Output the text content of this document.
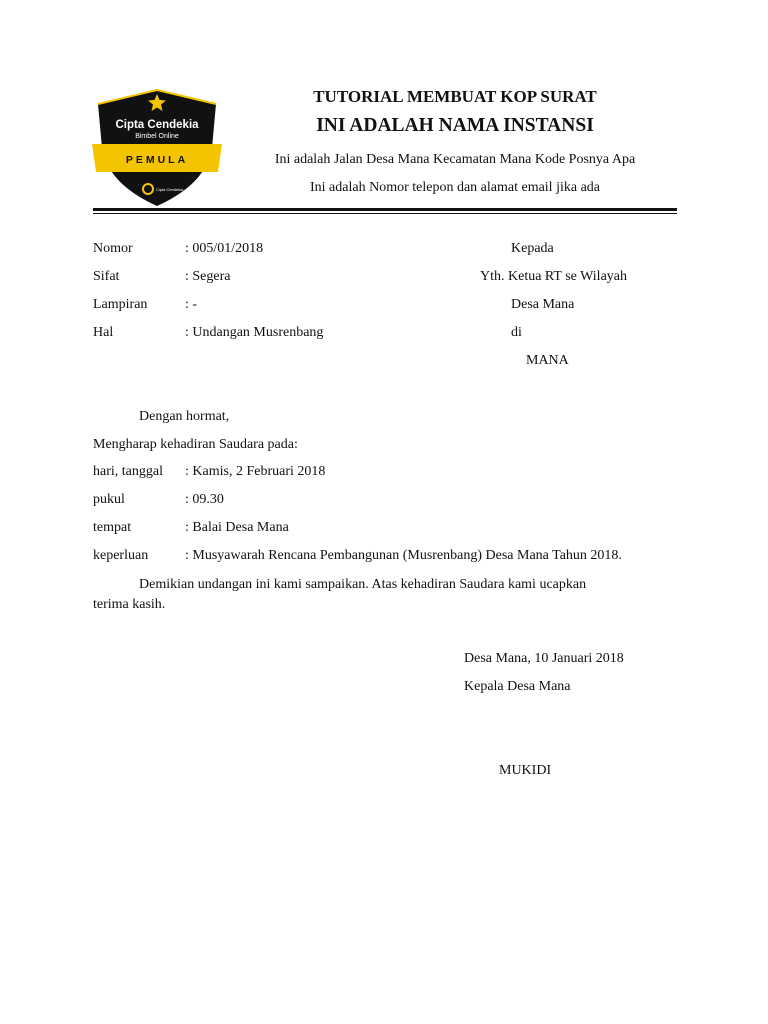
Cipta Cendekia
Bimbel Online
PEMULA
Cipta Cendekia
TUTORIAL MEMBUAT KOP SURAT
INI ADALAH NAMA INSTANSI
Ini adalah Jalan Desa Mana Kecamatan Mana Kode Posnya Apa
Ini adalah Nomor telepon dan alamat email jika ada
Nomor	: 005/01/2018
Sifat	: Segera
Lampiran	: -
Hal	: Undangan Musrenbang
Kepada
Yth. Ketua RT se Wilayah
Desa Mana
di
MANA
Dengan hormat,
Mengharap kehadiran Saudara pada:
hari, tanggal : Kamis, 2 Februari 2018
pukul	: 09.30
tempat	: Balai Desa Mana
keperluan	: Musyawarah Rencana Pembangunan (Musrenbang) Desa Mana Tahun 2018.
Demikian undangan ini kami sampaikan. Atas kehadiran Saudara kami ucapkan
terima kasih.
Desa Mana, 10 Januari 2018
Kepala Desa Mana
MUKIDI
